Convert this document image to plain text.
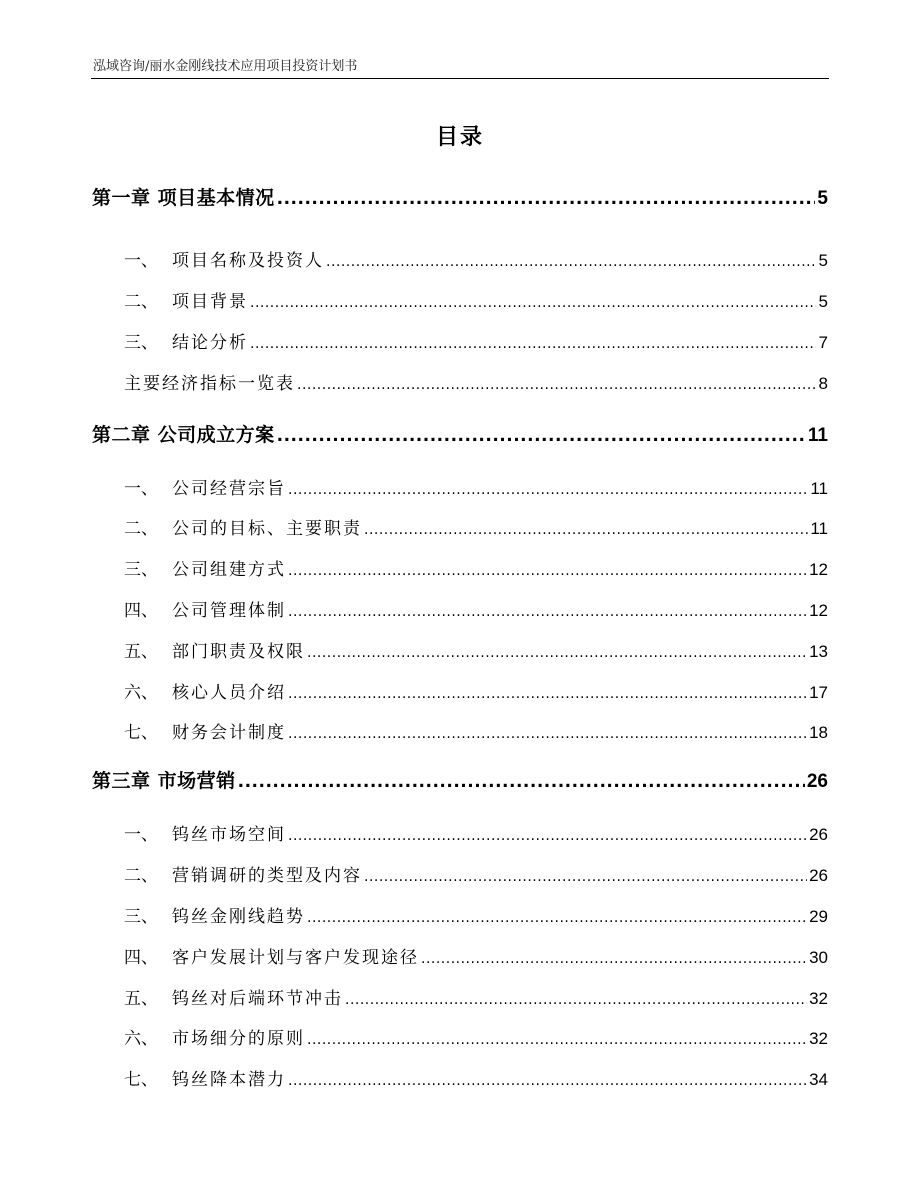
泓域咨询/丽水金刚线技术应用项目投资计划书
目录
第一章 项目基本情况 .....	5
一、 项目名称及投资人 .....	5
二、 项目背景 .....	5
三、 结论分析 .....	7
主要经济指标一览表 .....	8
第二章 公司成立方案 .....	11
一、 公司经营宗旨 .....	11
二、 公司的目标、主要职责 .....	11
三、 公司组建方式 .....	12
四、 公司管理体制 .....	12
五、 部门职责及权限 .....	13
六、 核心人员介绍 .....	17
七、 财务会计制度 .....	18
第三章 市场营销 .....	26
一、 钨丝市场空间 .....	26
二、 营销调研的类型及内容 .....	26
三、 钨丝金刚线趋势 .....	29
四、 客户发展计划与客户发现途径 .....	30
五、 钨丝对后端环节冲击 .....	32
六、 市场细分的原则 .....	32
七、 钨丝降本潜力 .....	34
